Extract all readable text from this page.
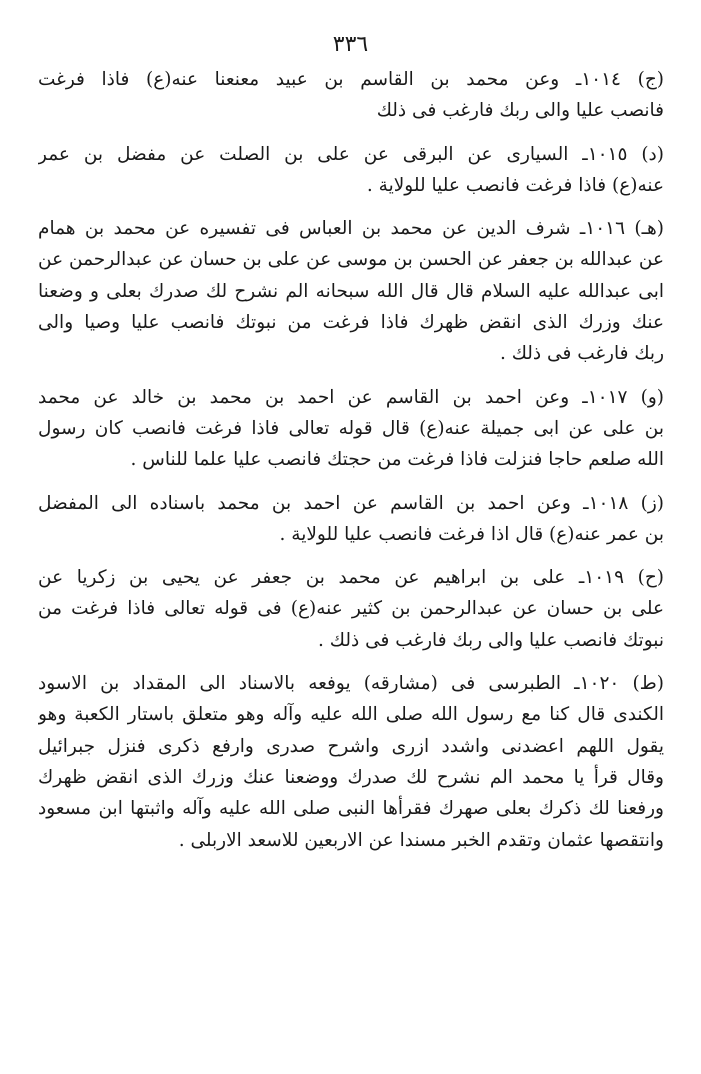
٣٣٦
(ج) ١٠١٤ـ وعن محمد بن القاسم بن عبيد معنعنا عنه(ع) فاذا فرغت
فانصب عليا والى ربك فارغب فى ذلك
(د) ١٠١٥ـ السيارى عن البرقى عن على بن الصلت عن مفضل بن عمر
عنه(ع) فاذا فرغت فانصب عليا للولاية .
(هـ) ١٠١٦ـ شرف الدين عن محمد بن العباس فى تفسيره عن محمد بن همام
عن عبدالله بن جعفر عن الحسن بن موسى عن على بن حسان عن عبدالرحمن عن
ابى عبدالله عليه السلام قال قال الله سبحانه الم نشرح لك صدرك بعلى و وضعنا
عنك وزرك الذى انقض ظهرك فاذا فرغت من نبوتك فانصب عليا وصيا والى
ربك فارغب فى ذلك .
(و) ١٠١٧ـ وعن احمد بن القاسم عن احمد بن محمد بن خالد عن محمد
بن على عن ابى جميلة عنه(ع) قال قوله تعالى فاذا فرغت فانصب كان رسول
الله صلعم حاجا فنزلت فاذا فرغت من حجتك فانصب عليا علما للناس .
(ز) ١٠١٨ـ وعن احمد بن القاسم عن احمد بن محمد باسناده الى المفضل
بن عمر عنه(ع) قال اذا فرغت فانصب عليا للولاية .
(ح) ١٠١٩ـ على بن ابراهيم عن محمد بن جعفر عن يحيى بن زكريا عن
على بن حسان عن عبدالرحمن بن كثير عنه(ع) فى قوله تعالى فاذا فرغت من
نبوتك فانصب عليا والى ربك فارغب فى ذلك .
(ط) ١٠٢٠ـ الطبرسى فى (مشارقه) يوفعه بالاسناد الى المقداد بن الاسود
الكندى قال كنا مع رسول الله صلى الله عليه وآله وهو متعلق باستار الكعبة وهو
يقول اللهم اعضدنى واشدد ازرى واشرح صدرى وارفع ذكرى فنزل جبرائيل
وقال قرأ يا محمد الم نشرح لك صدرك ووضعنا عنك وزرك الذى انقض ظهرك
ورفعنا لك ذكرك بعلى صهرك فقرأها النبى صلى الله عليه وآله واثبتها ابن مسعود
وانتقصها عثمان وتقدم الخبر مسندا عن الاربعين للاسعد الاربلى .
